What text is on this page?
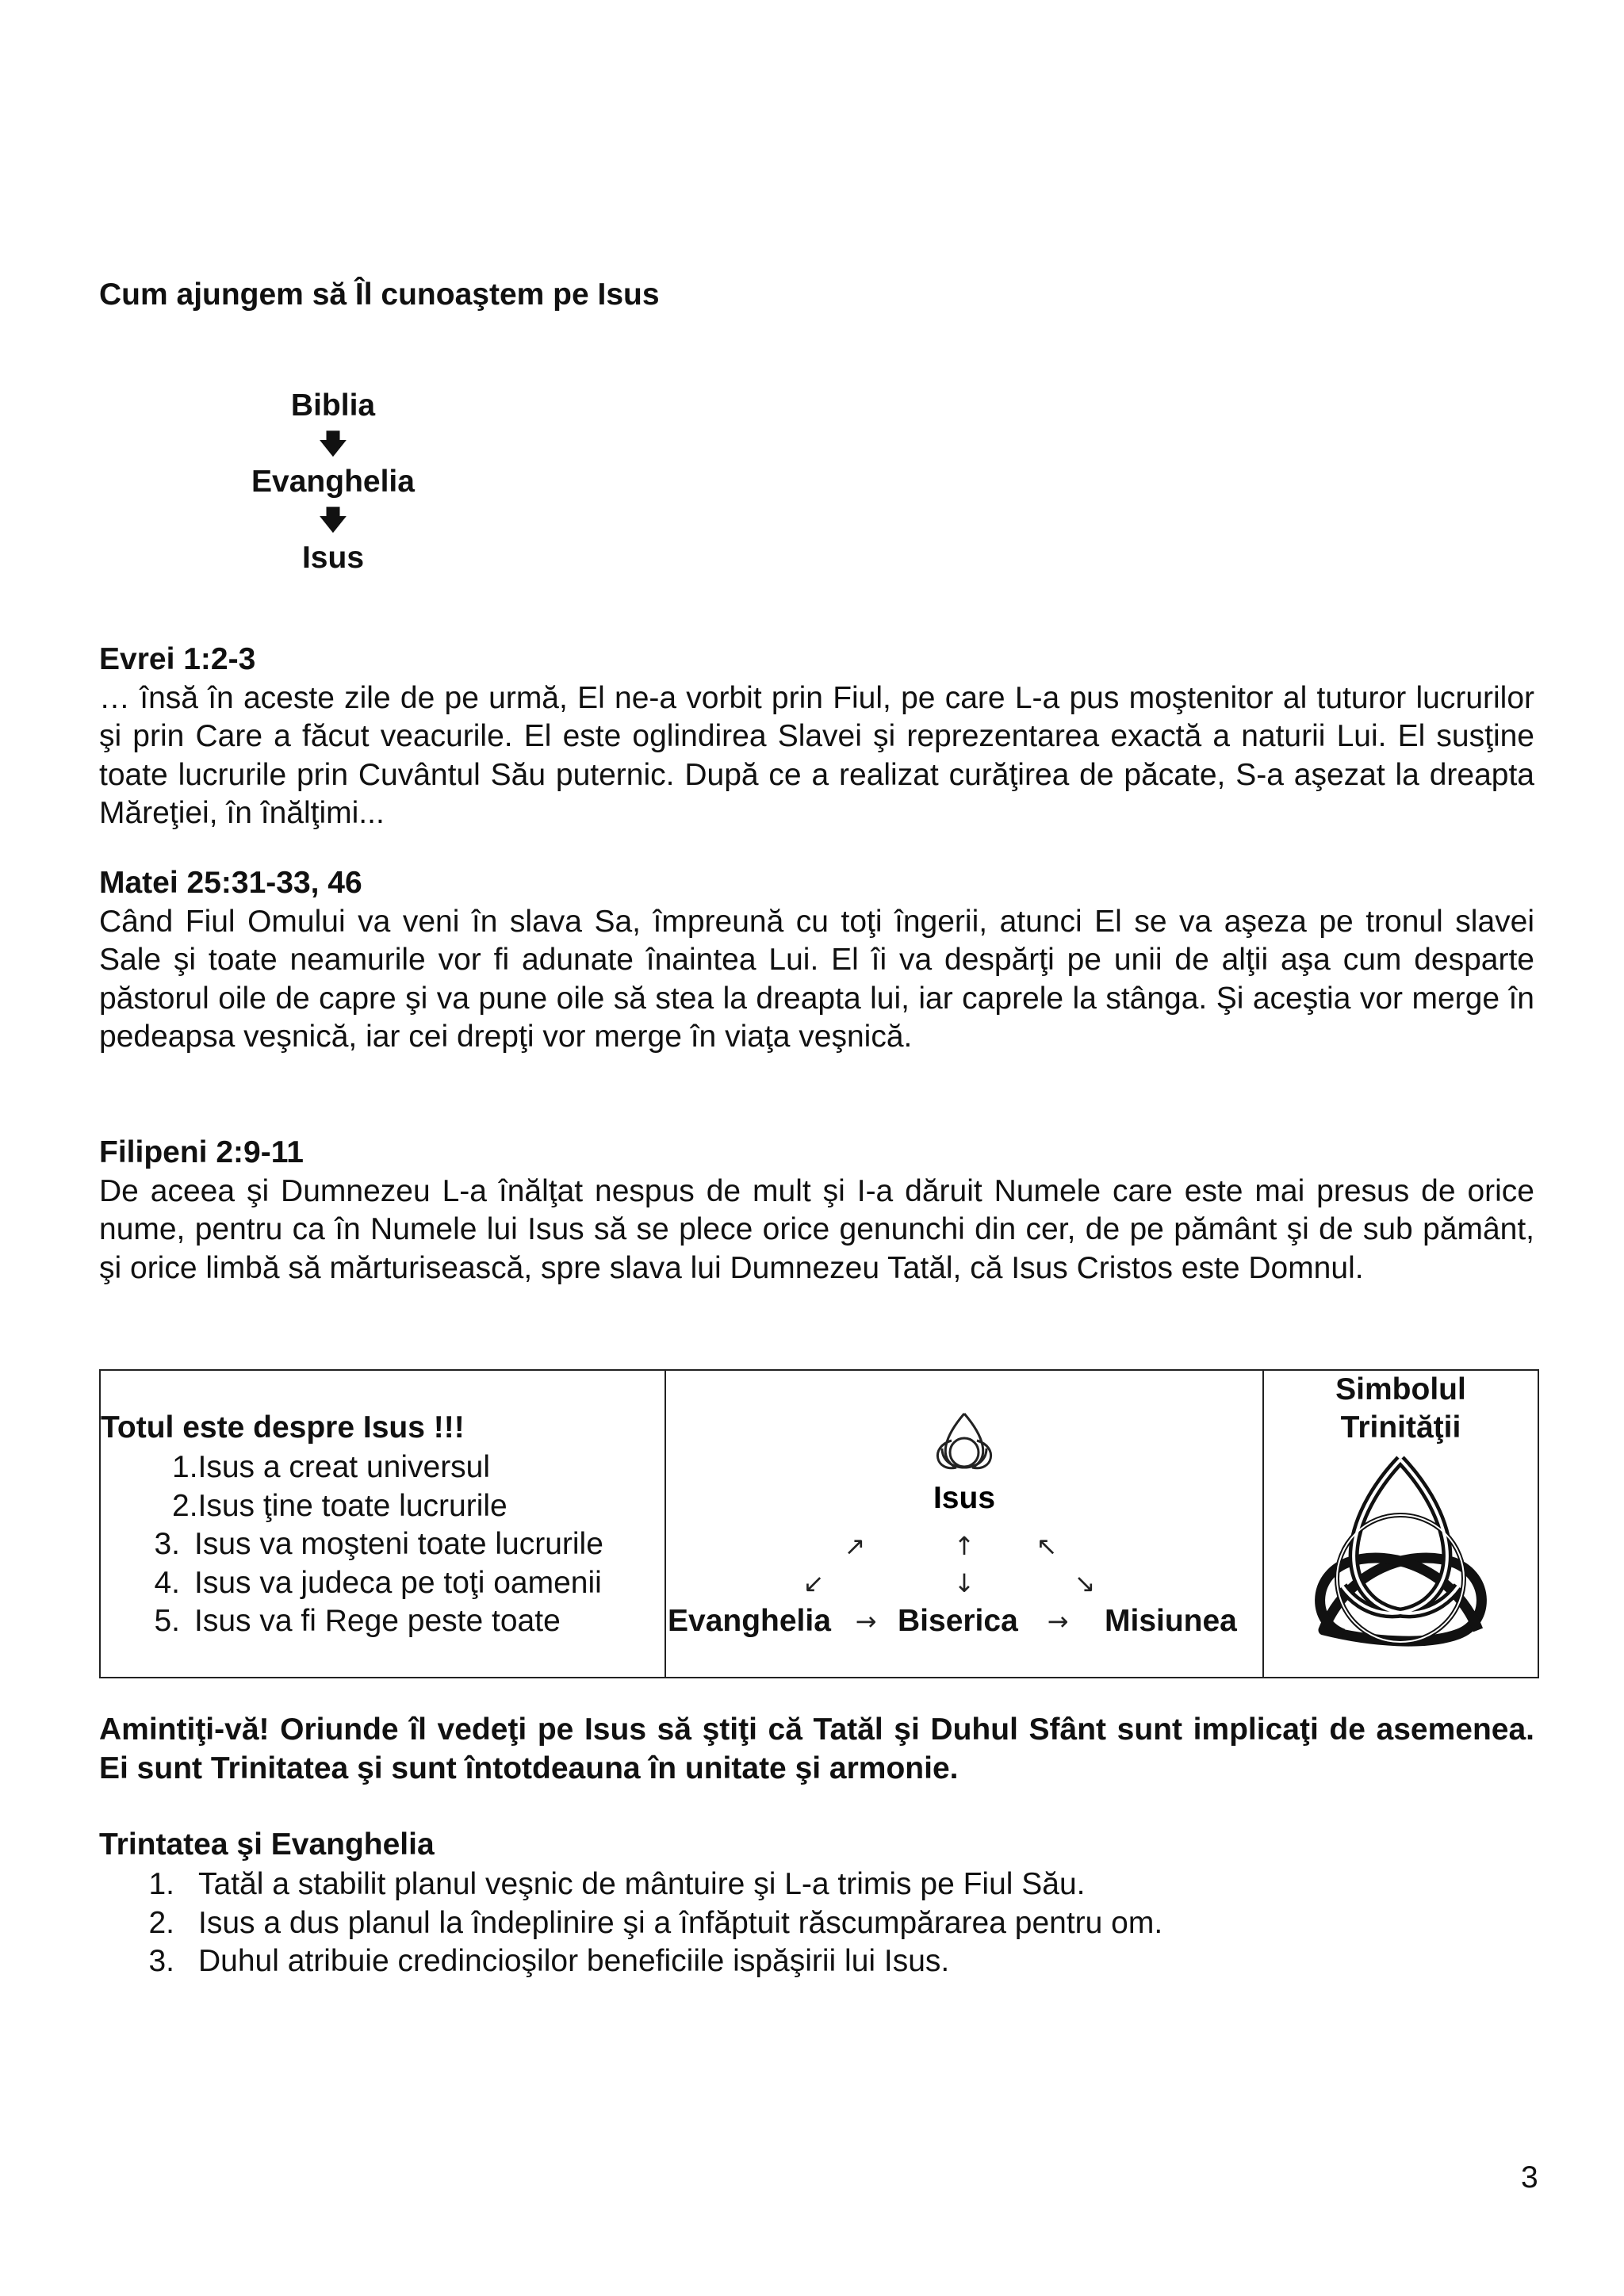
Cum ajungem să Îl cunoaştem pe Isus
Biblia
🡇
Evanghelia
🡇
Isus
Evrei 1:2-3
… însă în aceste zile de pe urmă, El ne-a vorbit prin Fiul, pe care L-a pus moştenitor al tuturor lucrurilor şi prin Care a făcut veacurile. El este oglindirea Slavei şi reprezentarea exactă a naturii Lui. El susţine toate lucrurile prin Cuvântul Său puternic. După ce a realizat curăţirea de păcate, S-a aşezat la dreapta Măreţiei, în înălţimi...
Matei 25:31-33, 46
Când Fiul Omului va veni în slava Sa, împreună cu toţi îngerii, atunci El se va aşeza pe tronul slavei Sale şi toate neamurile vor fi adunate înaintea Lui. El îi va despărţi pe unii de alţii aşa cum desparte păstorul oile de capre şi va pune oile să stea la dreapta lui, iar caprele la stânga. Şi aceştia vor merge în pedeapsa veşnică, iar cei drepţi vor merge în viaţa veşnică.
Filipeni 2:9-11
De aceea şi Dumnezeu L-a înălţat nespus de mult şi I-a dăruit Numele care este mai presus de orice nume, pentru ca în Numele lui Isus să se plece orice genunchi din cer, de pe pământ şi de sub pământ, şi orice limbă să mărturisească, spre slava lui Dumnezeu Tatăl, că Isus Cristos este Domnul.
Totul este despre Isus !!!
1.Isus a creat universul
2.Isus ţine toate lucrurile
3. Isus va moşteni toate lucrurile
4. Isus va judeca pe toţi oamenii
5. Isus va fi Rege peste toate

Isus
↗	↑ ↖
↙	↓	↘
→	→
Evanghelia Biserica	Misiunea

Simbolul
Trinităţii
Amintiţi-vă! Oriunde îl vedeţi pe Isus să ştiţi că Tatăl şi Duhul Sfânt sunt implicaţi de asemenea. Ei sunt Trinitatea şi sunt întotdeauna în unitate şi armonie.
Trintatea şi Evanghelia
1. Tatăl a stabilit planul veşnic de mântuire şi L-a trimis pe Fiul Său.
2. Isus a dus planul la îndeplinire şi a înfăptuit răscumpărarea pentru om.
3. Duhul atribuie credincioşilor beneficiile ispăşirii lui Isus.
3
